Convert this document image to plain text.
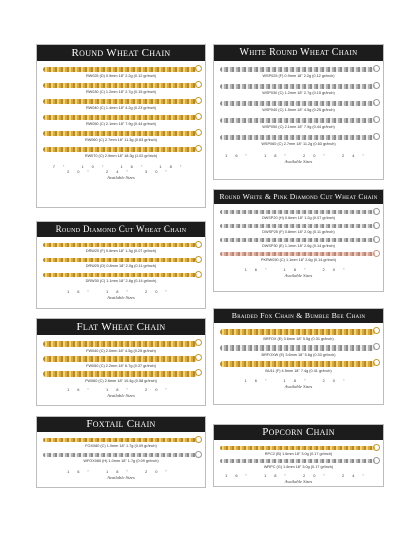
Round Wheat Chain
RW025 (D) 0.9mm 18" 2.2g (0.12 gr/inch)
RW030 (C) 1.2mm 18" 2.7g (0.15 gr/inch)
RW040 (C) 1.4mm 18" 4.2g (0.23 gr/inch)
RW050 (C) 2.1mm 18" 7.9g (0.44 gr/inch)
RW060 (C) 2.7mm 18" 11.3g (0.63 gr/inch)
RW070 (C) 2.9mm 18" 18.3g (1.02 gr/inch)
7" 10" 16" 18" 20" 24" 30"
Available Sizes
White Round Wheat Chain
WSP025 (F) 0.9mm 18" 2.2g (0.12 gr/inch)
WSP030 (C) 1.2mm 18" 2.7g (0.15 gr/inch)
WSP040 (C) 1.5mm 18" 4.5g (0.25 gr/inch)
WSP050 (C) 2.1mm 18" 7.9g (0.44 gr/inch)
WSP060 (C) 2.7mm 18" 11.2g (0.63 gr/inch)
16" 18" 20" 24"
Available Sizes
Round White & Pink Diamond Cut Wheat Chain
DWSP20 (H) 0.6mm 18" 1.2g (0.07 gr/inch)
DWSP25 (F) 0.8mm 18" 2.0g (0.11 gr/inch)
DWSP30 (E) 1.1mm 18" 2.6g (0.14 gr/inch)
PKRW030 (C) 1.1mm 18" 2.6g (0.14 gr/inch)
16" 18" 20"
Available Sizes
Round Diamond Cut Wheat Chain
DRW20 (F) 0.6mm 18" 1.3g (0.07 gr/inch)
DRW25 (D) 0.8mm 18" 2.0g (0.11 gr/inch)
DRW30 (C) 1.1mm 18" 2.6g (0.14 gr/inch)
16" 18" 20"
Available Sizes
Flat Wheat Chain
FW040 (C) 2.0mm 18" 4.5g (0.25 gr/inch)
FW050 (C) 2.2mm 18" 6.7g (0.37 gr/inch)
FW060 (C) 2.6mm 18" 10.4g (0.58 gr/inch)
16" 18" 20"
Available Sizes
Braided Fox Chain & Bumble Bee Chain
BRFOX (E) 3.6mm 18" 5.5g (0.31 gr/inch)
BRFOXW (E) 3.6mm 18" 5.6g (0.33 gr/inch)
BU11 (F) 4.5mm 18" 7.4g (0.41 gr/inch)
16" 18" 20"
Available Sizes
Foxtail Chain
FOX080 (C) 1.0mm 18" 1.7g (0.09 gr/inch)
WFOX080 (H) 1.0mm 18" 1.7g (0.09 gr/inch)
16" 18" 20"
Available Sizes
Popcorn Chain
RPC2 (B) 1.6mm 18" 3.0g (0.17 gr/inch)
WRPC (G) 1.6mm 18" 3.0g (0.17 gr/inch)
16" 18" 20" 24"
Available Sizes
